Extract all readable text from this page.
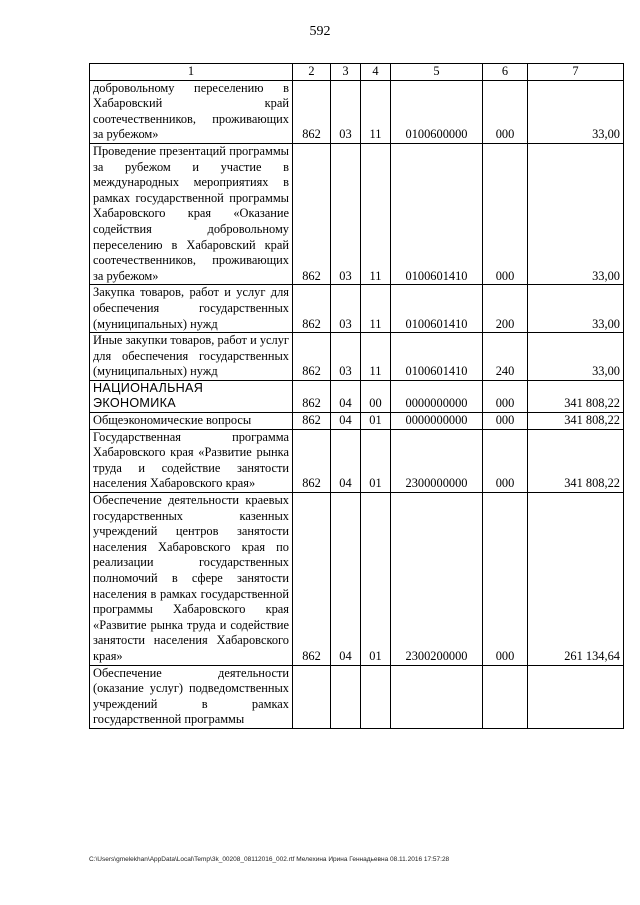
592
1	2	3	4	5	6	7
добровольному переселению в Хабаровский край соотечественников, проживающих за рубежом»	862	03	11	0100600000	000	33,00
Проведение презентаций программы за рубежом и участие в международных мероприятиях в рамках государственной программы Хабаровского края «Оказание содействия добровольному переселению в Хабаровский край соотечественников, проживающих за рубежом»	862	03	11	0100601410	000	33,00
Закупка товаров, работ и услуг для обеспечения государственных (муниципальных) нужд	862	03	11	0100601410	200	33,00
Иные закупки товаров, работ и услуг для обеспечения государственных (муниципальных) нужд	862	03	11	0100601410	240	33,00
НАЦИОНАЛЬНАЯ ЭКОНОМИКА	862	04	00	0000000000	000	341 808,22
Общеэкономические вопросы	862	04	01	0000000000	000	341 808,22
Государственная программа Хабаровского края «Развитие рынка труда и содействие занятости населения Хабаровского края»	862	04	01	2300000000	000	341 808,22
Обеспечение деятельности краевых государственных казенных учреждений центров занятости населения Хабаровского края по реализации государственных полномочий в сфере занятости населения в рамках государственной программы Хабаровского края «Развитие рынка труда и содействие занятости населения Хабаровского края»	862	04	01	2300200000	000	261 134,64
Обеспечение деятельности (оказание услуг) подведомственных учреждений в рамках государственной программы						
C:\Users\gmelekhan\AppData\Local\Temp\3k_00208_08112016_002.rtf Мелехина Ирина Геннадьевна 08.11.2016 17:57:28
